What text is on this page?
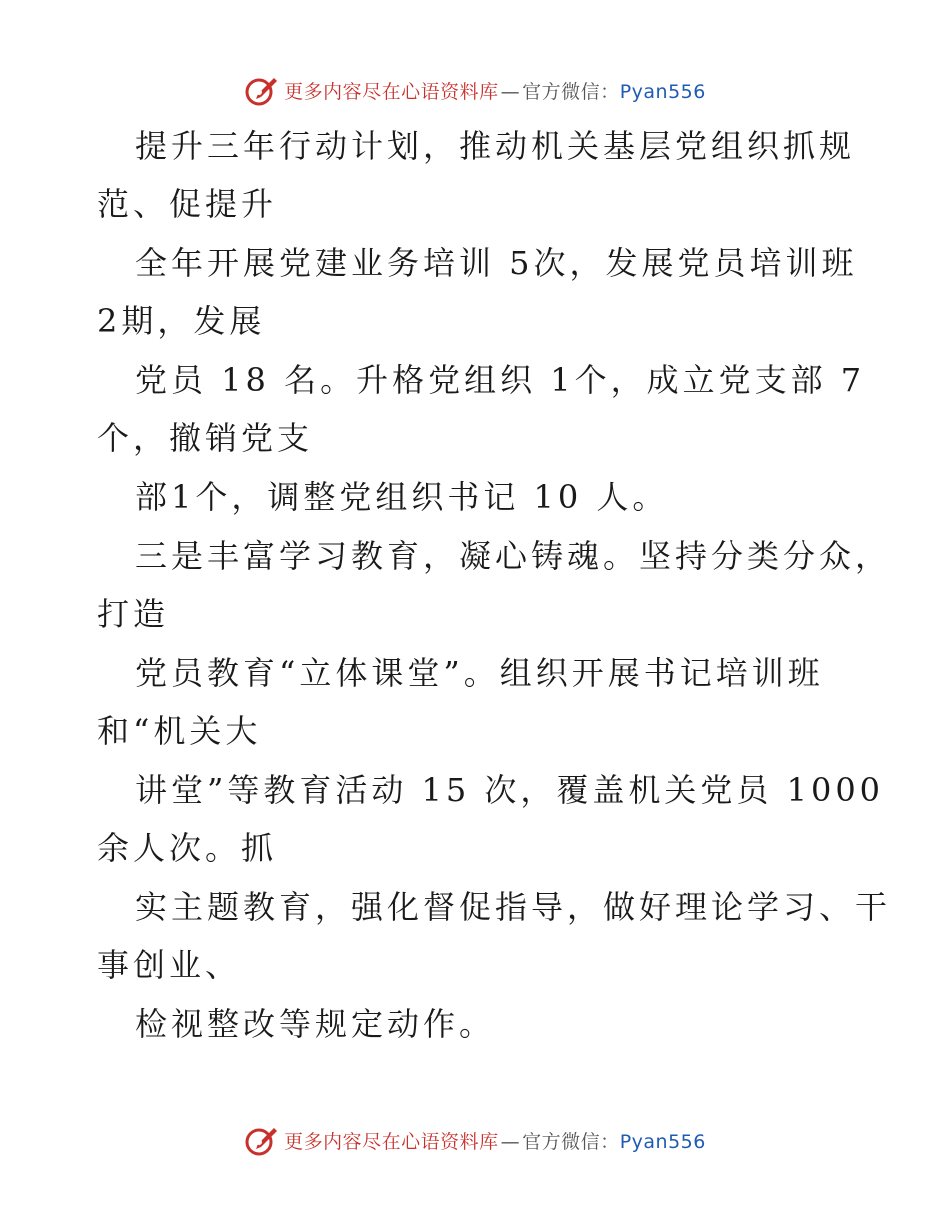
更多内容尽在心语资料库 — 官方微信：Pyan556
提升三年行动计划，推动机关基层党组织抓规
范、促提升
全年开展党建业务培训 5次，发展党员培训班
2期，发展
党员 18 名。升格党组织 1个，成立党支部 7
个，撤销党支
部1个，调整党组织书记 10 人。
三是丰富学习教育，凝心铸魂。坚持分类分众，
打造
党员教育“立体课堂”。组织开展书记培训班
和“机关大
讲堂”等教育活动 15 次，覆盖机关党员 1000
余人次。抓
实主题教育，强化督促指导，做好理论学习、干
事创业、
检视整改等规定动作。
更多内容尽在心语资料库 — 官方微信：Pyan556
